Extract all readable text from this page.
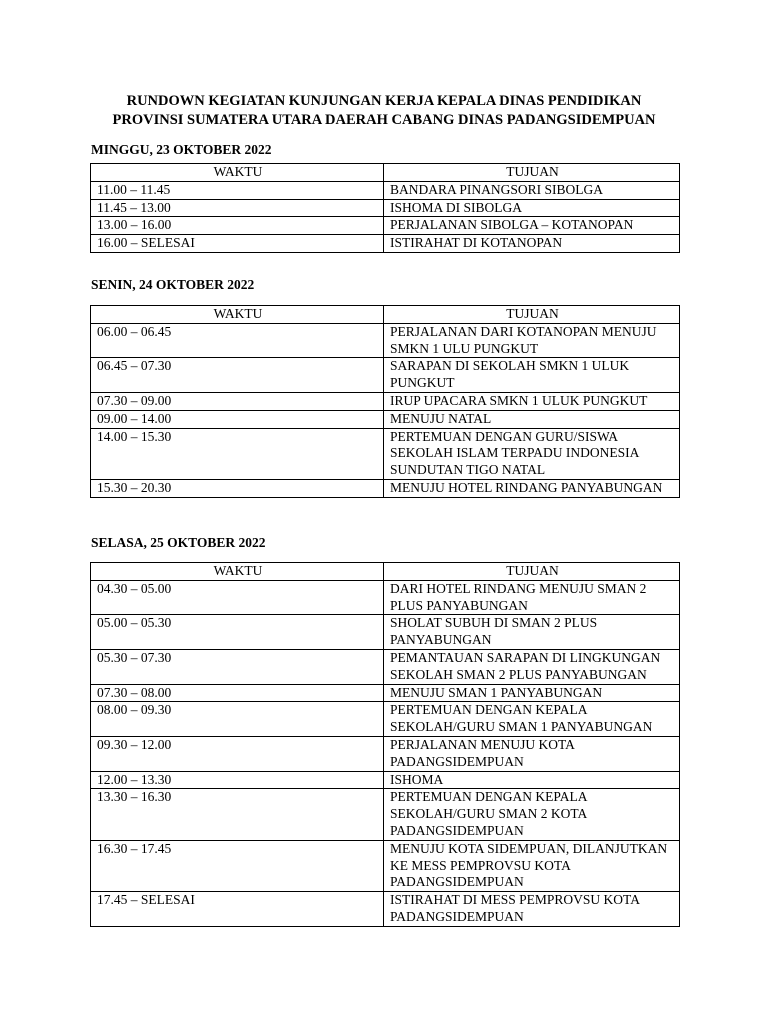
RUNDOWN KEGIATAN KUNJUNGAN KERJA KEPALA DINAS PENDIDIKAN
PROVINSI SUMATERA UTARA DAERAH CABANG DINAS PADANGSIDEMPUAN
MINGGU, 23 OKTOBER 2022
WAKTU	TUJUAN
11.00 – 11.45	BANDARA PINANGSORI SIBOLGA
11.45 – 13.00	ISHOMA DI SIBOLGA
13.00 – 16.00	PERJALANAN SIBOLGA – KOTANOPAN
16.00 – SELESAI	ISTIRAHAT DI KOTANOPAN
SENIN, 24 OKTOBER 2022
WAKTU	TUJUAN
06.00 – 06.45	PERJALANAN DARI KOTANOPAN MENUJU SMKN 1 ULU PUNGKUT
06.45 – 07.30	SARAPAN DI SEKOLAH SMKN 1 ULUK PUNGKUT
07.30 – 09.00	IRUP UPACARA SMKN 1 ULUK PUNGKUT
09.00 – 14.00	MENUJU NATAL
14.00 – 15.30	PERTEMUAN DENGAN GURU/SISWA SEKOLAH ISLAM TERPADU INDONESIA SUNDUTAN TIGO NATAL
15.30 – 20.30	MENUJU HOTEL RINDANG PANYABUNGAN
SELASA, 25 OKTOBER 2022
WAKTU	TUJUAN
04.30 – 05.00	DARI HOTEL RINDANG MENUJU SMAN 2 PLUS PANYABUNGAN
05.00 – 05.30	SHOLAT SUBUH DI SMAN 2 PLUS PANYABUNGAN
05.30 – 07.30	PEMANTAUAN SARAPAN DI LINGKUNGAN SEKOLAH SMAN 2 PLUS PANYABUNGAN
07.30 – 08.00	MENUJU SMAN 1 PANYABUNGAN
08.00 – 09.30	PERTEMUAN DENGAN KEPALA SEKOLAH/GURU SMAN 1 PANYABUNGAN
09.30 – 12.00	PERJALANAN MENUJU KOTA PADANGSIDEMPUAN
12.00 – 13.30	ISHOMA
13.30 – 16.30	PERTEMUAN DENGAN KEPALA SEKOLAH/GURU SMAN 2 KOTA PADANGSIDEMPUAN
16.30 – 17.45	MENUJU KOTA SIDEMPUAN, DILANJUTKAN KE MESS PEMPROVSU KOTA PADANGSIDEMPUAN
17.45 – SELESAI	ISTIRAHAT DI MESS PEMPROVSU KOTA PADANGSIDEMPUAN
